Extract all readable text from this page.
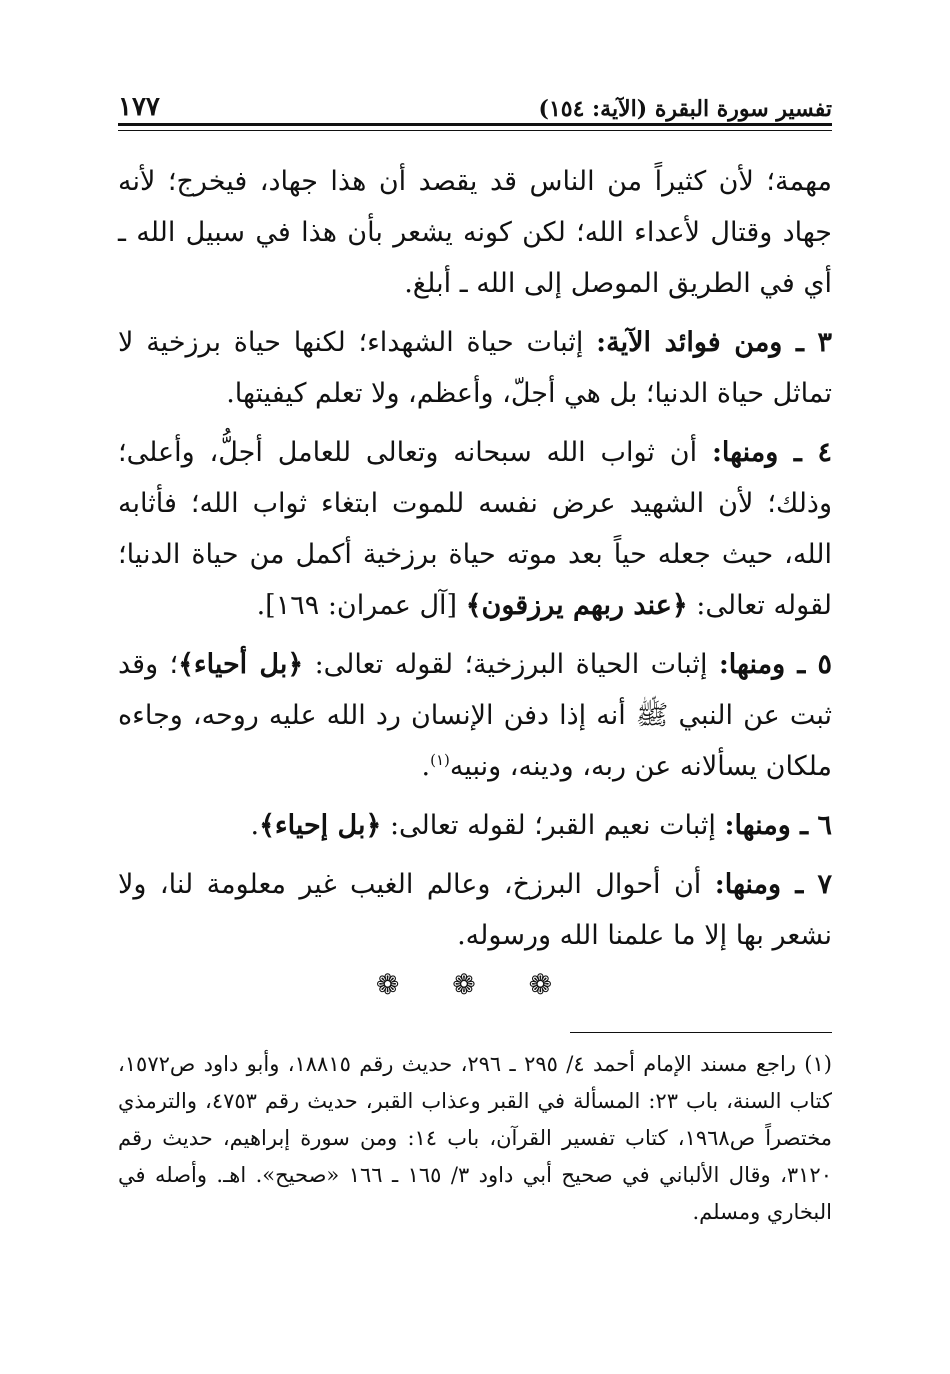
تفسير سورة البقرة (الآية: ١٥٤)
١٧٧

مهمة؛ لأن كثيراً من الناس قد يقصد أن هذا جهاد، فيخرج؛ لأنه جهاد وقتال لأعداء الله؛ لكن كونه يشعر بأن هذا في سبيل الله ـ أي في الطريق الموصل إلى الله ـ أبلغ.

٣ ـ ومن فوائد الآية: إثبات حياة الشهداء؛ لكنها حياة برزخية لا تماثل حياة الدنيا؛ بل هي أجلّ، وأعظم، ولا تعلم كيفيتها.

٤ ـ ومنها: أن ثواب الله سبحانه وتعالى للعامل أجلُّ، وأعلى؛ وذلك؛ لأن الشهيد عرض نفسه للموت ابتغاء ثواب الله؛ فأثابه الله، حيث جعله حياً بعد موته حياة برزخية أكمل من حياة الدنيا؛ لقوله تعالى: ﴿عند ربهم يرزقون﴾ [آل عمران: ١٦٩].

٥ ـ ومنها: إثبات الحياة البرزخية؛ لقوله تعالى: ﴿بل أحياء﴾؛ وقد ثبت عن النبي ﷺ أنه إذا دفن الإنسان رد الله عليه روحه، وجاءه ملكان يسألانه عن ربه، ودينه، ونبيه$^{(١)}$.

٦ ـ ومنها: إثبات نعيم القبر؛ لقوله تعالى: ﴿بل إحياء﴾.

٧ ـ ومنها: أن أحوال البرزخ، وعالم الغيب غير معلومة لنا، ولا نشعر بها إلا ما علمنا الله ورسوله.

❁ ❁ ❁

(١) راجع مسند الإمام أحمد ٤/ ٢٩٥ ـ ٢٩٦، حديث رقم ١٨٨١٥، وأبو داود ص١٥٧٢، كتاب السنة، باب ٢٣: المسألة في القبر وعذاب القبر، حديث رقم ٤٧٥٣، والترمذي مختصراً ص١٩٦٨، كتاب تفسير القرآن، باب ١٤: ومن سورة إبراهيم، حديث رقم ٣١٢٠، وقال الألباني في صحيح أبي داود ٣/ ١٦٥ ـ ١٦٦ «صحيح». اهـ. وأصله في البخاري ومسلم.
